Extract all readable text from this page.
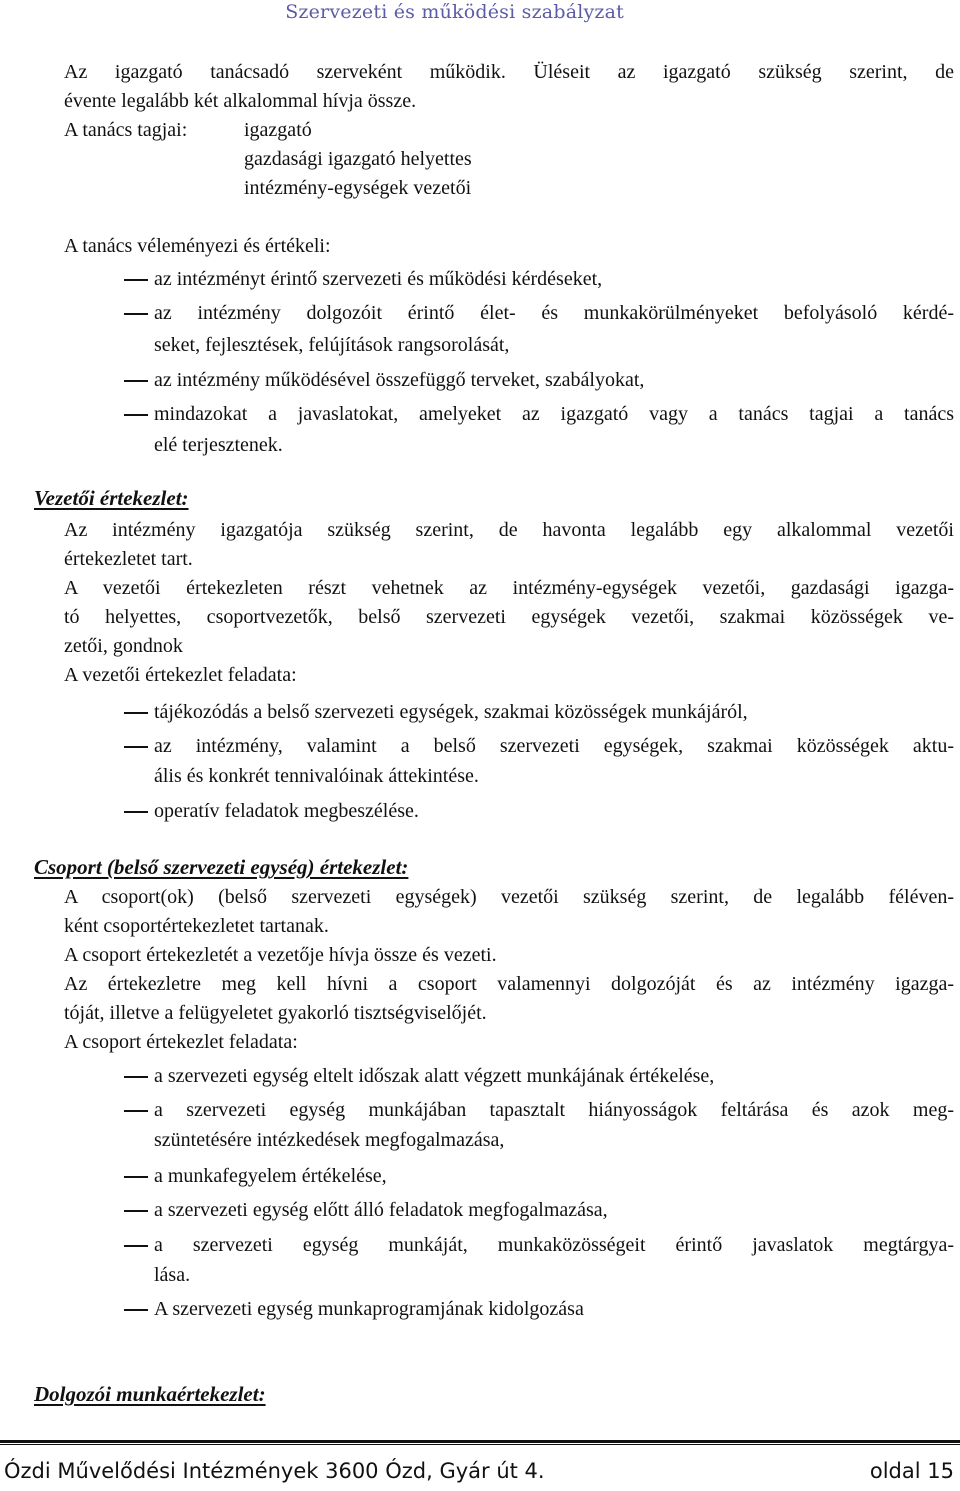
Szervezeti és működési szabályzat
Az igazgató tanácsadó szerveként működik. Üléseit az igazgató szükség szerint, de
évente legalább két alkalommal hívja össze.
A tanács tagjai:	igazgató
gazdasági igazgató helyettes
intézmény-egységek vezetői
A tanács véleményezi és értékeli:
az intézményt érintő szervezeti és működési kérdéseket,
az intézmény dolgozóit érintő élet- és munkakörülményeket befolyásoló kérdé-
seket, fejlesztések, felújítások rangsorolását,
az intézmény működésével összefüggő terveket, szabályokat,
mindazokat a javaslatokat, amelyeket az igazgató vagy a tanács tagjai a tanács
elé terjesztenek.
Vezetői értekezlet:
Az intézmény igazgatója szükség szerint, de havonta legalább egy alkalommal vezetői
értekezletet tart.
A vezetői értekezleten részt vehetnek az intézmény-egységek vezetői, gazdasági igazga-
tó helyettes, csoportvezetők, belső szervezeti egységek vezetői, szakmai közösségek ve-
zetői, gondnok
A vezetői értekezlet feladata:
tájékozódás a belső szervezeti egységek, szakmai közösségek munkájáról,
az intézmény, valamint a belső szervezeti egységek, szakmai közösségek aktu-
ális és konkrét tennivalóinak áttekintése.
operatív feladatok megbeszélése.
Csoport (belső szervezeti egység) értekezlet:
A csoport(ok) (belső szervezeti egységek) vezetői szükség szerint, de legalább féléven-
ként csoportértekezletet tartanak.
A csoport értekezletét a vezetője hívja össze és vezeti.
Az értekezletre meg kell hívni a csoport valamennyi dolgozóját és az intézmény igazga-
tóját, illetve a felügyeletet gyakorló tisztségviselőjét.
A csoport értekezlet feladata:
a szervezeti egység eltelt időszak alatt végzett munkájának értékelése,
a szervezeti egység munkájában tapasztalt hiányosságok feltárása és azok meg-
szüntetésére intézkedések megfogalmazása,
a munkafegyelem értékelése,
a szervezeti egység előtt álló feladatok megfogalmazása,
a szervezeti egység munkáját, munkaközösségeit érintő javaslatok megtárgya-
lása.
A szervezeti egység munkaprogramjának kidolgozása
Dolgozói munkaértekezlet:
Ózdi Művelődési Intézmények 3600 Ózd, Gyár út 4.	oldal 15
